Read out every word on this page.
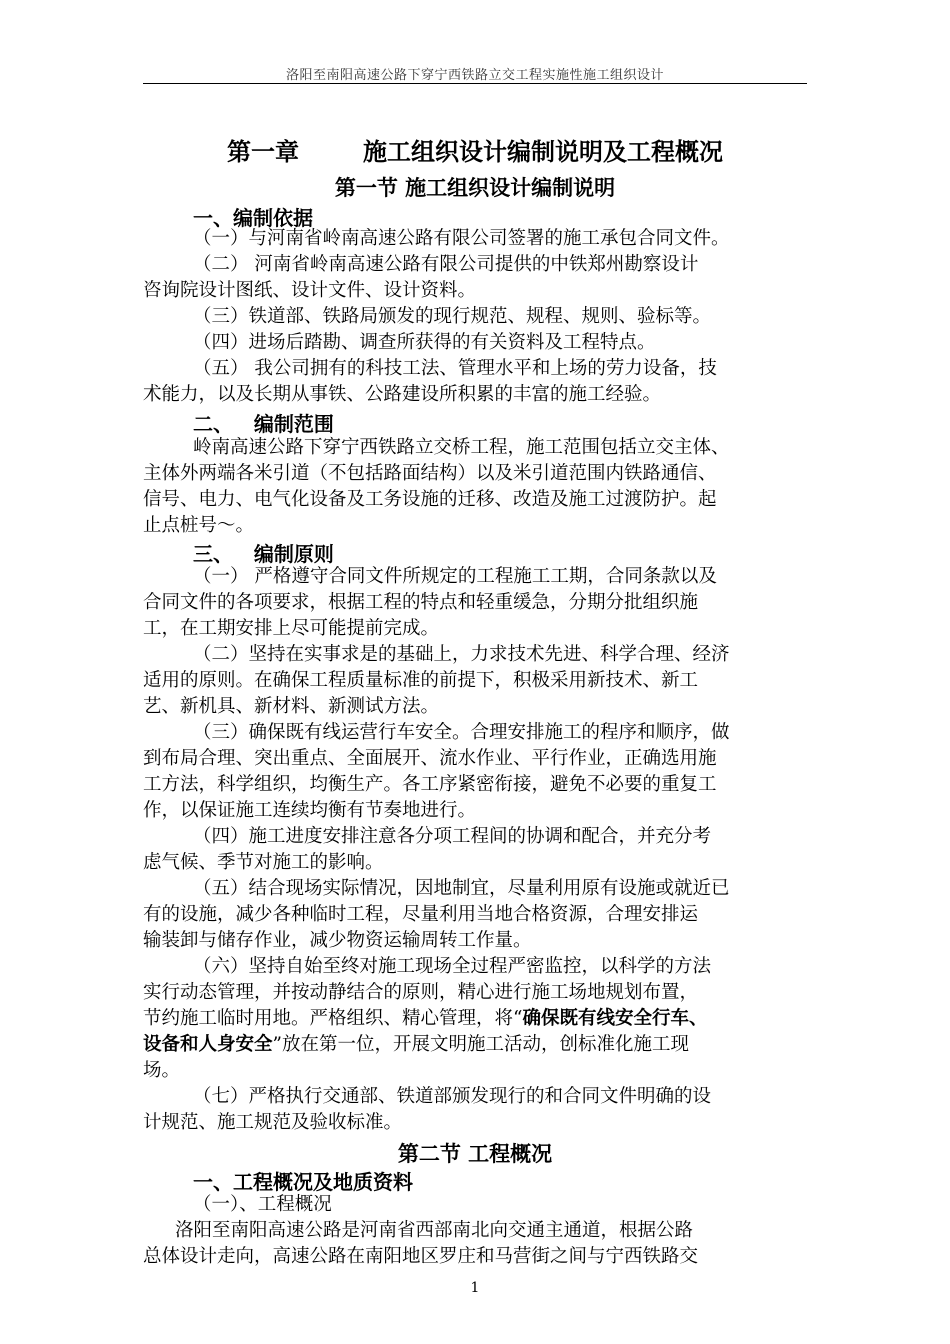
洛阳至南阳高速公路下穿宁西铁路立交工程实施性施工组织设计
第一章	施工组织设计编制说明及工程概况
第一节 施工组织设计编制说明
一、编制依据
（一）与河南省岭南高速公路有限公司签署的施工承包合同文件。
（二） 河南省岭南高速公路有限公司提供的中铁郑州勘察设计
咨询院设计图纸、设计文件、设计资料。
（三）铁道部、铁路局颁发的现行规范、规程、规则、验标等。
（四）进场后踏勘、调查所获得的有关资料及工程特点。
（五） 我公司拥有的科技工法、管理水平和上场的劳力设备，技
术能力，以及长期从事铁、公路建设所积累的丰富的施工经验。
二、   编制范围
岭南高速公路下穿宁西铁路立交桥工程，施工范围包括立交主体、
主体外两端各米引道（不包括路面结构）以及米引道范围内铁路通信、
信号、电力、电气化设备及工务设施的迁移、改造及施工过渡防护。起
止点桩号～。
三、   编制原则
（一） 严格遵守合同文件所规定的工程施工工期，合同条款以及
合同文件的各项要求，根据工程的特点和轻重缓急，分期分批组织施
工，在工期安排上尽可能提前完成。
（二）坚持在实事求是的基础上，力求技术先进、科学合理、经济
适用的原则。在确保工程质量标准的前提下，积极采用新技术、新工
艺、新机具、新材料、新测试方法。
（三）确保既有线运营行车安全。合理安排施工的程序和顺序，做
到布局合理、突出重点、全面展开、流水作业、平行作业，正确选用施
工方法，科学组织，均衡生产。各工序紧密衔接，避免不必要的重复工
作，以保证施工连续均衡有节奏地进行。
（四）施工进度安排注意各分项工程间的协调和配合，并充分考
虑气候、季节对施工的影响。
（五）结合现场实际情况，因地制宜，尽量利用原有设施或就近已
有的设施，减少各种临时工程，尽量利用当地合格资源，合理安排运
输装卸与储存作业，减少物资运输周转工作量。
（六）坚持自始至终对施工现场全过程严密监控，以科学的方法
实行动态管理，并按动静结合的原则，精心进行施工场地规划布置，
节约施工临时用地。严格组织、精心管理，将“确保既有线安全行车、
设备和人身安全”放在第一位，开展文明施工活动，创标准化施工现
场。
（七）严格执行交通部、铁道部颁发现行的和合同文件明确的设
计规范、施工规范及验收标准。
第二节 工程概况
一、工程概况及地质资料
（一）、工程概况
洛阳至南阳高速公路是河南省西部南北向交通主通道，根据公路
总体设计走向，高速公路在南阳地区罗庄和马营街之间与宁西铁路交
1
